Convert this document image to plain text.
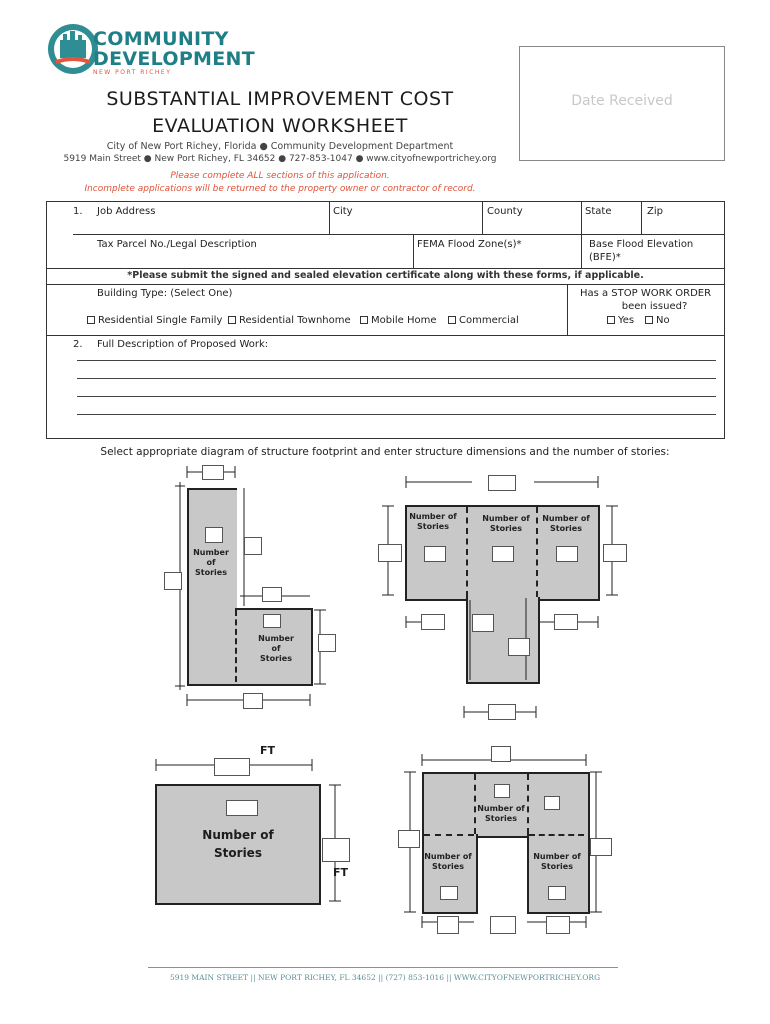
COMMUNITY
DEVELOPMENT
NEW PORT RICHEY
Date Received
SUBSTANTIAL IMPROVEMENT COST
EVALUATION WORKSHEET
City of New Port Richey, Florida ● Community Development Department
5919 Main Street ● New Port Richey, FL 34652 ● 727-853-1047 ● www.cityofnewportrichey.org
Please complete ALL sections of this application.
Incomplete applications will be returned to the property owner or contractor of record.
1. Job Address	City	County	State	Zip
Tax Parcel No./Legal Description	FEMA Flood Zone(s)*	Base Flood Elevation
(BFE)*
*Please submit the signed and sealed elevation certificate along with these forms, if applicable.
Building Type: (Select One)
Residential Single Family	Residential Townhome	Mobile Home	Commercial
Has a STOP WORK ORDER
been issued?
Yes	No
2. Full Description of Proposed Work:
Select appropriate diagram of structure footprint and enter structure dimensions and the number of stories:
Number
of
Stories
Number
of
Stories
Number of
Stories
Number of
Stories
Number of
Stories
FT
Number of
Stories
FT
Number of
Stories
Number of
Stories
Number of
Stories
5919 MAIN STREET || NEW PORT RICHEY, FL 34652 || (727) 853-1016 || WWW.CITYOFNEWPORTRICHEY.ORG
